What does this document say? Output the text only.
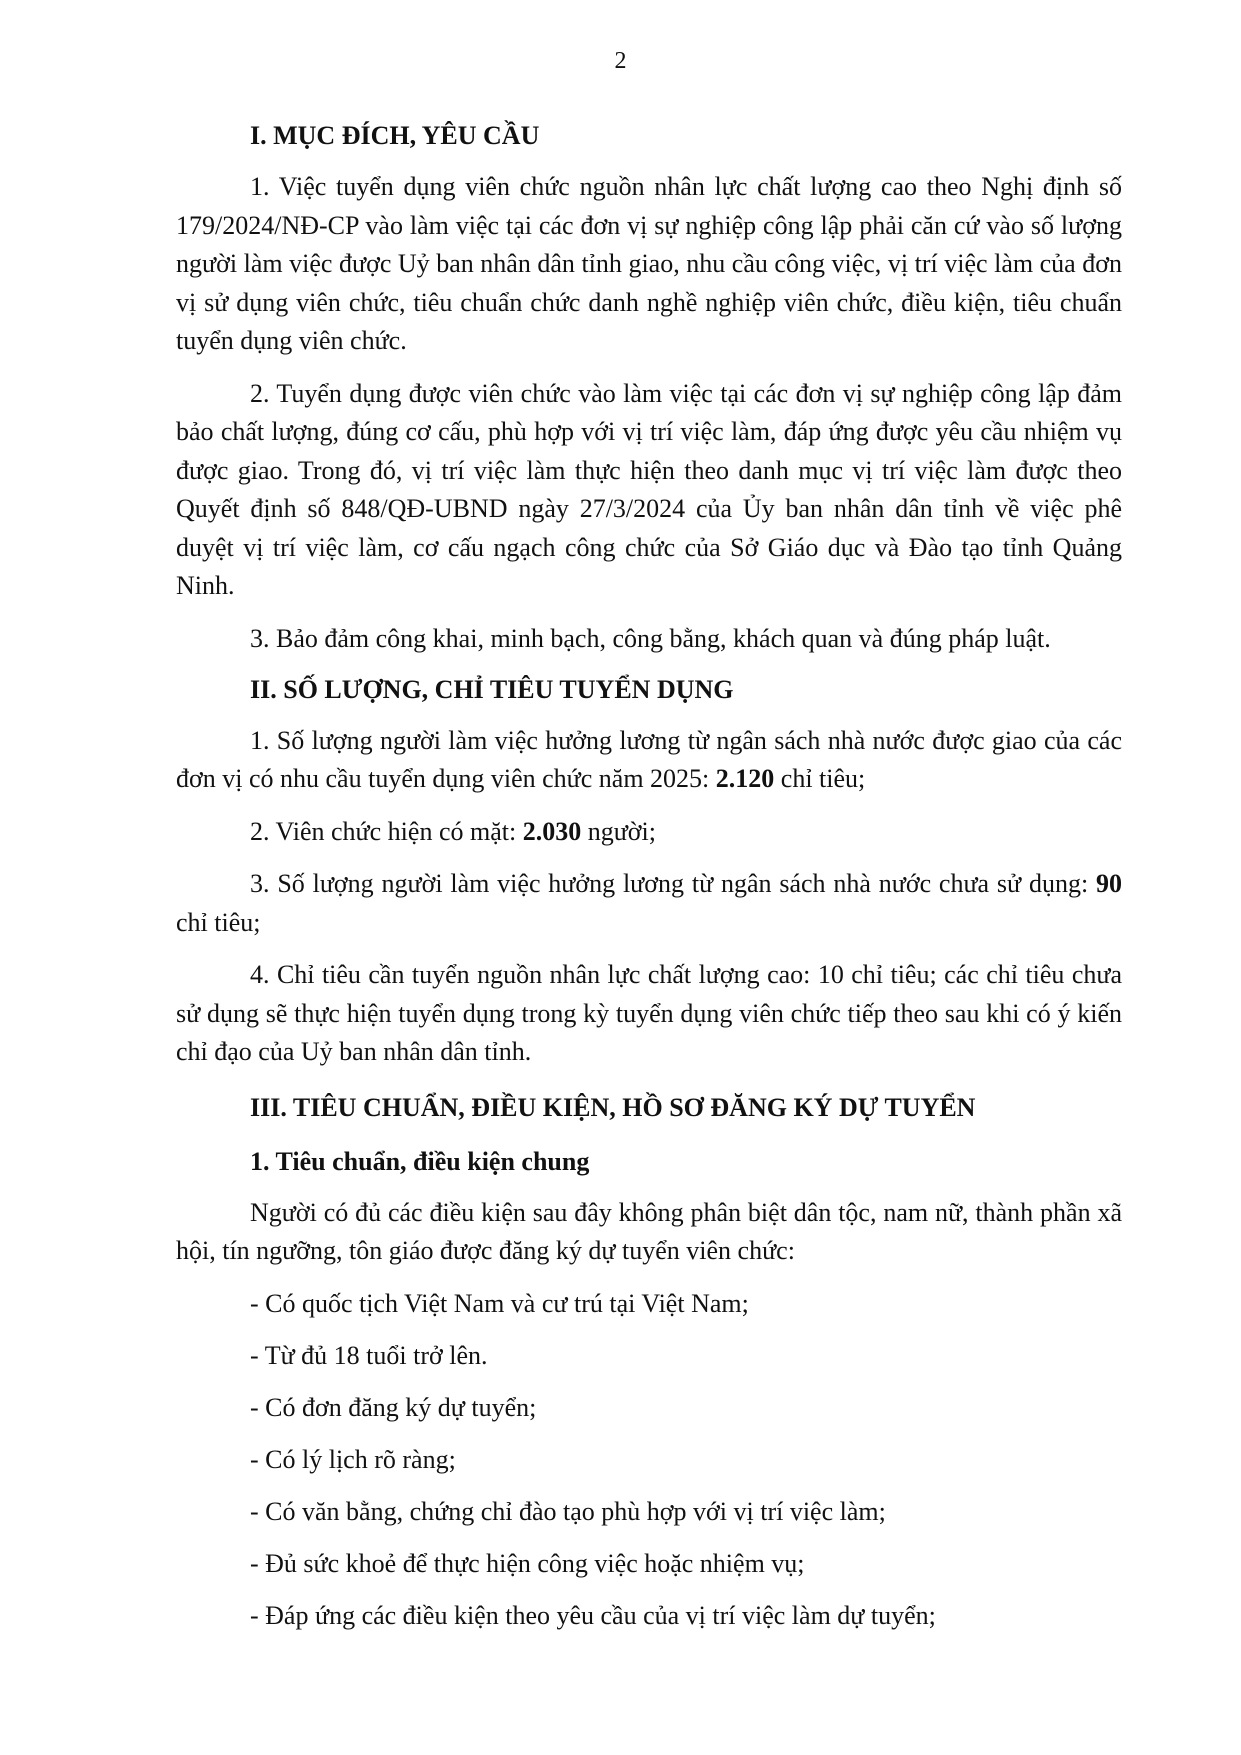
2
I. MỤC ĐÍCH, YÊU CẦU
1. Việc tuyển dụng viên chức nguồn nhân lực chất lượng cao theo Nghị định số 179/2024/NĐ-CP vào làm việc tại các đơn vị sự nghiệp công lập phải căn cứ vào số lượng người làm việc được Uỷ ban nhân dân tỉnh giao, nhu cầu công việc, vị trí việc làm của đơn vị sử dụng viên chức, tiêu chuẩn chức danh nghề nghiệp viên chức, điều kiện, tiêu chuẩn tuyển dụng viên chức.
2. Tuyển dụng được viên chức vào làm việc tại các đơn vị sự nghiệp công lập đảm bảo chất lượng, đúng cơ cấu, phù hợp với vị trí việc làm, đáp ứng được yêu cầu nhiệm vụ được giao. Trong đó, vị trí việc làm thực hiện theo danh mục vị trí việc làm được theo Quyết định số 848/QĐ-UBND ngày 27/3/2024 của Ủy ban nhân dân tỉnh về việc phê duyệt vị trí việc làm, cơ cấu ngạch công chức của Sở Giáo dục và Đào tạo tỉnh Quảng Ninh.
3. Bảo đảm công khai, minh bạch, công bằng, khách quan và đúng pháp luật.
II. SỐ LƯỢNG, CHỈ TIÊU TUYỂN DỤNG
1. Số lượng người làm việc hưởng lương từ ngân sách nhà nước được giao của các đơn vị có nhu cầu tuyển dụng viên chức năm 2025: 2.120 chỉ tiêu;
2. Viên chức hiện có mặt: 2.030 người;
3. Số lượng người làm việc hưởng lương từ ngân sách nhà nước chưa sử dụng: 90 chỉ tiêu;
4. Chỉ tiêu cần tuyển nguồn nhân lực chất lượng cao: 10 chỉ tiêu; các chỉ tiêu chưa sử dụng sẽ thực hiện tuyển dụng trong kỳ tuyển dụng viên chức tiếp theo sau khi có ý kiến chỉ đạo của Uỷ ban nhân dân tỉnh.
III. TIÊU CHUẨN, ĐIỀU KIỆN, HỒ SƠ ĐĂNG KÝ DỰ TUYỂN
1. Tiêu chuẩn, điều kiện chung
Người có đủ các điều kiện sau đây không phân biệt dân tộc, nam nữ, thành phần xã hội, tín ngưỡng, tôn giáo được đăng ký dự tuyển viên chức:
- Có quốc tịch Việt Nam và cư trú tại Việt Nam;
- Từ đủ 18 tuổi trở lên.
- Có đơn đăng ký dự tuyển;
- Có lý lịch rõ ràng;
- Có văn bằng, chứng chỉ đào tạo phù hợp với vị trí việc làm;
- Đủ sức khoẻ để thực hiện công việc hoặc nhiệm vụ;
- Đáp ứng các điều kiện theo yêu cầu của vị trí việc làm dự tuyển;
